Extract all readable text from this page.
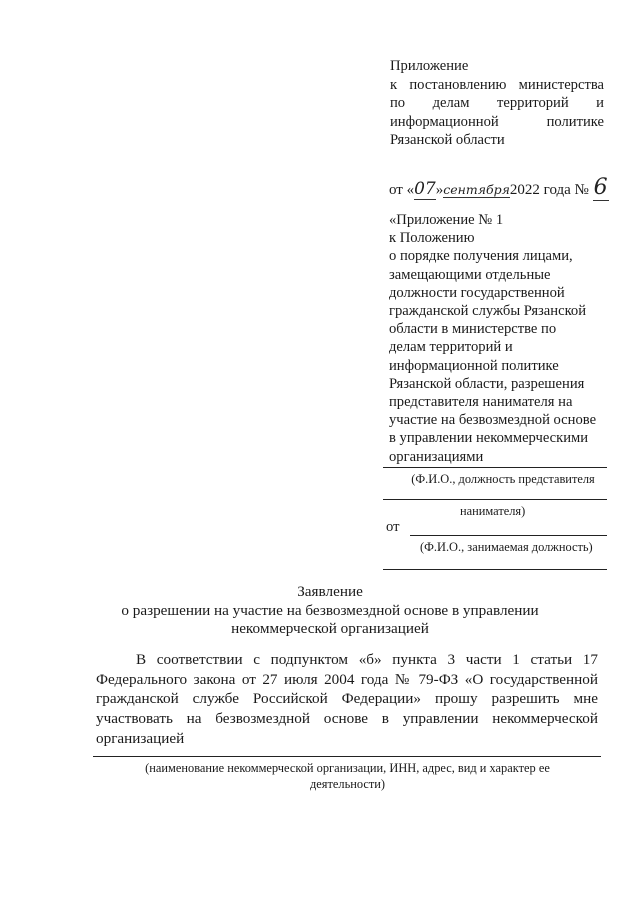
Приложение
к постановлению министерства
по делам территорий и
информационной политике
Рязанской области
от «07»сентября2022 года № 6
«Приложение № 1
к Положению
о порядке получения лицами,
замещающими отдельные
должности государственной
гражданской службы Рязанской
области в министерстве по
делам территорий и
информационной политике
Рязанской области, разрешения
представителя нанимателя на
участие на безвозмездной основе
в управлении некоммерческими
организациями
(Ф.И.О., должность представителя
нанимателя)
от
(Ф.И.О., занимаемая должность)
Заявление
о разрешении на участие на безвозмездной основе в управлении
некоммерческой организацией
В соответствии с подпунктом «б» пункта 3 части 1 статьи 17
Федерального закона от 27 июля 2004 года № 79-ФЗ «О государственной
гражданской службе Российской Федерации» прошу разрешить мне
участвовать на безвозмездной основе в управлении некоммерческой
организацией
(наименование некоммерческой организации, ИНН, адрес, вид и характер ее
деятельности)
